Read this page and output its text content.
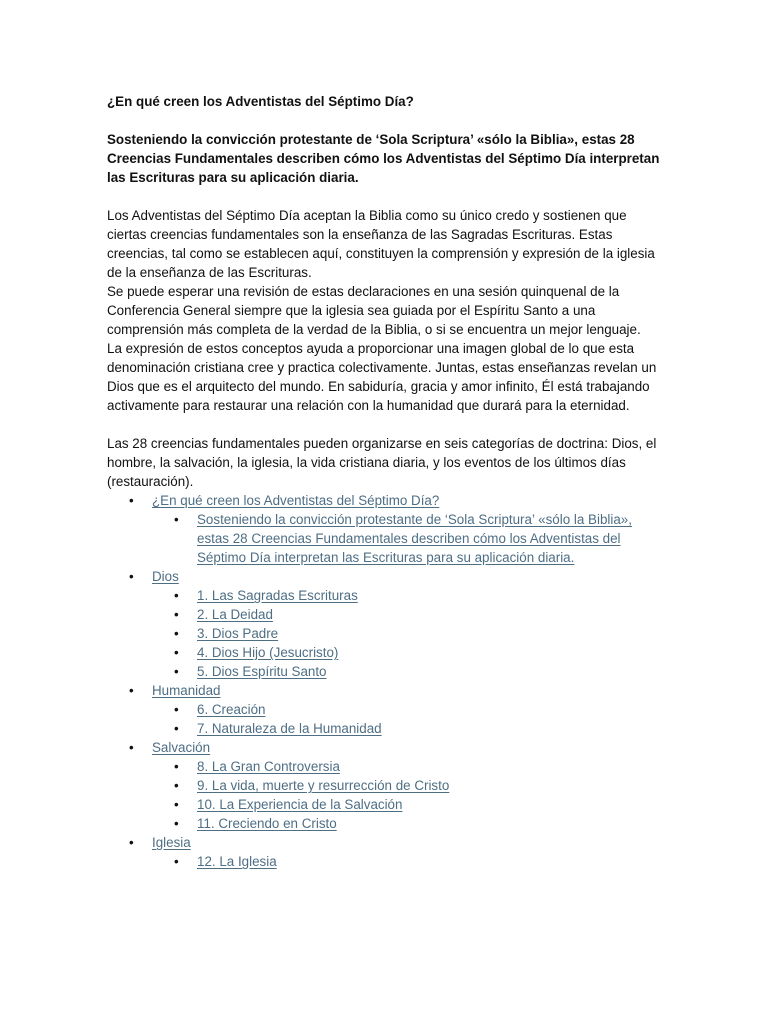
¿En qué creen los Adventistas del Séptimo Día?

Sosteniendo la convicción protestante de ‘Sola Scriptura’ «sólo la Biblia», estas 28 Creencias Fundamentales describen cómo los Adventistas del Séptimo Día interpretan las Escrituras para su aplicación diaria.

Los Adventistas del Séptimo Día aceptan la Biblia como su único credo y sostienen que ciertas creencias fundamentales son la enseñanza de las Sagradas Escrituras. Estas creencias, tal como se establecen aquí, constituyen la comprensión y expresión de la iglesia de la enseñanza de las Escrituras.

Se puede esperar una revisión de estas declaraciones en una sesión quinquenal de la Conferencia General siempre que la iglesia sea guiada por el Espíritu Santo a una comprensión más completa de la verdad de la Biblia, o si se encuentra un mejor lenguaje.

La expresión de estos conceptos ayuda a proporcionar una imagen global de lo que esta denominación cristiana cree y practica colectivamente. Juntas, estas enseñanzas revelan un Dios que es el arquitecto del mundo. En sabiduría, gracia y amor infinito, Él está trabajando activamente para restaurar una relación con la humanidad que durará para la eternidad.

Las 28 creencias fundamentales pueden organizarse en seis categorías de doctrina: Dios, el hombre, la salvación, la iglesia, la vida cristiana diaria, y los eventos de los últimos días (restauración).

• ¿En qué creen los Adventistas del Séptimo Día?
• Sosteniendo la convicción protestante de ‘Sola Scriptura’ «sólo la Biblia», estas 28 Creencias Fundamentales describen cómo los Adventistas del Séptimo Día interpretan las Escrituras para su aplicación diaria.
• Dios
• 1. Las Sagradas Escrituras
• 2. La Deidad
• 3. Dios Padre
• 4. Dios Hijo (Jesucristo)
• 5. Dios Espíritu Santo
• Humanidad
• 6. Creación
• 7. Naturaleza de la Humanidad
• Salvación
• 8. La Gran Controversia
• 9. La vida, muerte y resurrección de Cristo
• 10. La Experiencia de la Salvación
• 11. Creciendo en Cristo
• Iglesia
• 12. La Iglesia
